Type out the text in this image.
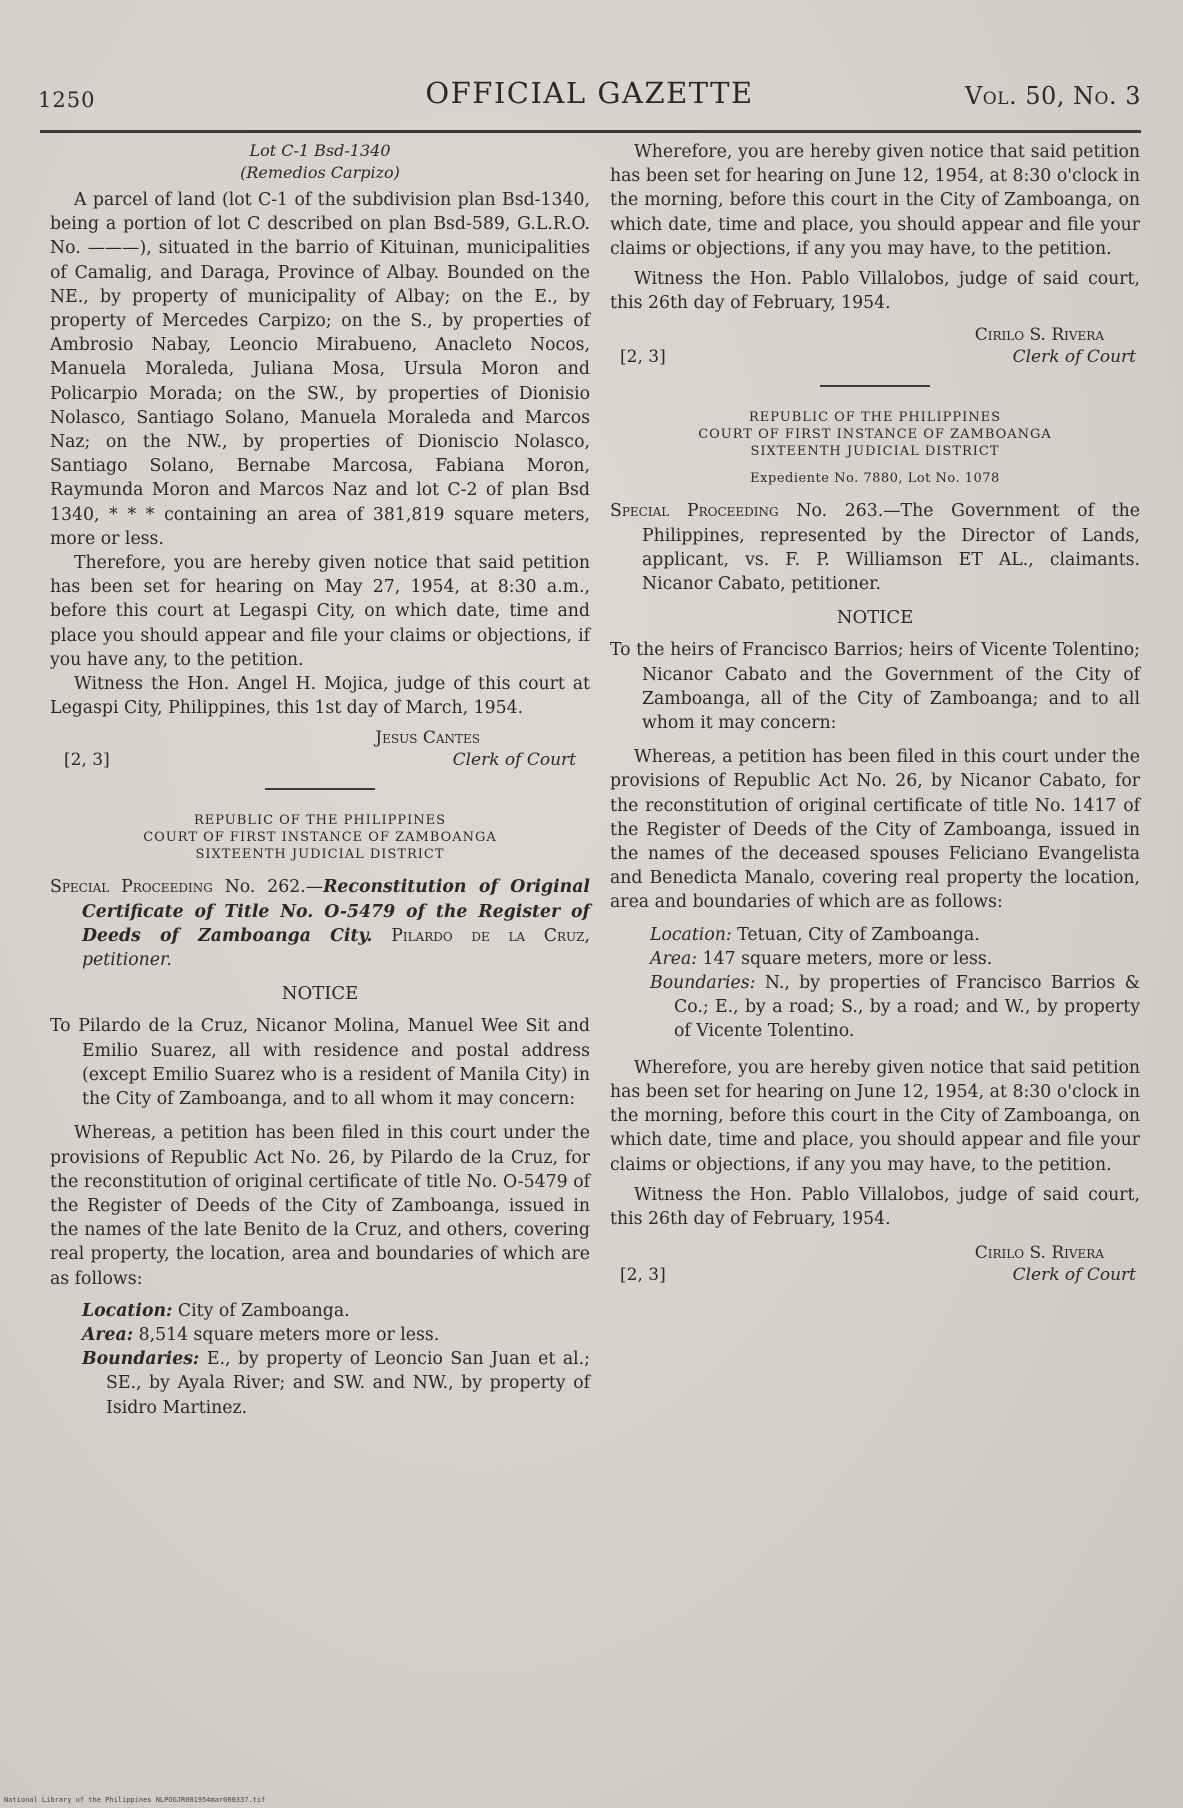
1250	OFFICIAL GAZETTE	Vol. 50, No. 3
Lot C-1 Bsd-1340
(Remedios Carpizo)
A parcel of land (lot C-1 of the subdivision plan Bsd-1340, being a portion of lot C described on plan Bsd-589, G.L.R.O. No. ———), situated in the barrio of Kituinan, municipalities of Camalig, and Daraga, Province of Albay. Bounded on the NE., by property of municipality of Albay; on the E., by property of Mercedes Carpizo; on the S., by properties of Ambrosio Nabay, Leoncio Mirabueno, Anacleto Nocos, Manuela Moraleda, Juliana Mosa, Ursula Moron and Policarpio Morada; on the SW., by properties of Dionisio Nolasco, Santiago Solano, Manuela Moraleda and Marcos Naz; on the NW., by properties of Dioniscio Nolasco, Santiago Solano, Bernabe Marcosa, Fabiana Moron, Raymunda Moron and Marcos Naz and lot C-2 of plan Bsd 1340, * * * containing an area of 381,819 square meters, more or less.
Therefore, you are hereby given notice that said petition has been set for hearing on May 27, 1954, at 8:30 a.m., before this court at Legaspi City, on which date, time and place you should appear and file your claims or objections, if you have any, to the petition.
Witness the Hon. Angel H. Mojica, judge of this court at Legaspi City, Philippines, this 1st day of March, 1954.
Jesus Cantes
[2, 3]	Clerk of Court
REPUBLIC OF THE PHILIPPINES
COURT OF FIRST INSTANCE OF ZAMBOANGA
SIXTEENTH JUDICIAL DISTRICT
Special Proceeding No. 262.—Reconstitution of Original Certificate of Title No. O-5479 of the Register of Deeds of Zamboanga City. Pilardo de la Cruz, petitioner.
NOTICE
To Pilardo de la Cruz, Nicanor Molina, Manuel Wee Sit and Emilio Suarez, all with residence and postal address (except Emilio Suarez who is a resident of Manila City) in the City of Zamboanga, and to all whom it may concern:
Whereas, a petition has been filed in this court under the provisions of Republic Act No. 26, by Pilardo de la Cruz, for the reconstitution of original certificate of title No. O-5479 of the Register of Deeds of the City of Zamboanga, issued in the names of the late Benito de la Cruz, and others, covering real property, the location, area and boundaries of which are as follows:
Location: City of Zamboanga.
Area: 8,514 square meters more or less.
Boundaries: E., by property of Leoncio San Juan et al.; SE., by Ayala River; and SW. and NW., by property of Isidro Martinez.
Wherefore, you are hereby given notice that said petition has been set for hearing on June 12, 1954, at 8:30 o'clock in the morning, before this court in the City of Zamboanga, on which date, time and place, you should appear and file your claims or objections, if any you may have, to the petition.
Witness the Hon. Pablo Villalobos, judge of said court, this 26th day of February, 1954.
Cirilo S. Rivera
[2, 3]	Clerk of Court
REPUBLIC OF THE PHILIPPINES
COURT OF FIRST INSTANCE OF ZAMBOANGA
SIXTEENTH JUDICIAL DISTRICT
Expediente No. 7880, Lot No. 1078
Special Proceeding No. 263.—The Government of the Philippines, represented by the Director of Lands, applicant, vs. F. P. Williamson ET AL., claimants. Nicanor Cabato, petitioner.
NOTICE
To the heirs of Francisco Barrios; heirs of Vicente Tolentino; Nicanor Cabato and the Government of the City of Zamboanga, all of the City of Zamboanga; and to all whom it may concern:
Whereas, a petition has been filed in this court under the provisions of Republic Act No. 26, by Nicanor Cabato, for the reconstitution of original certificate of title No. 1417 of the Register of Deeds of the City of Zamboanga, issued in the names of the deceased spouses Feliciano Evangelista and Benedicta Manalo, covering real property the location, area and boundaries of which are as follows:
Location: Tetuan, City of Zamboanga.
Area: 147 square meters, more or less.
Boundaries: N., by properties of Francisco Barrios & Co.; E., by a road; S., by a road; and W., by property of Vicente Tolentino.
Wherefore, you are hereby given notice that said petition has been set for hearing on June 12, 1954, at 8:30 o'clock in the morning, before this court in the City of Zamboanga, on which date, time and place, you should appear and file your claims or objections, if any you may have, to the petition.
Witness the Hon. Pablo Villalobos, judge of said court, this 26th day of February, 1954.
Cirilo S. Rivera
[2, 3]	Clerk of Court
National Library of the Philippines NLPOGJR001954mar000337.tif
